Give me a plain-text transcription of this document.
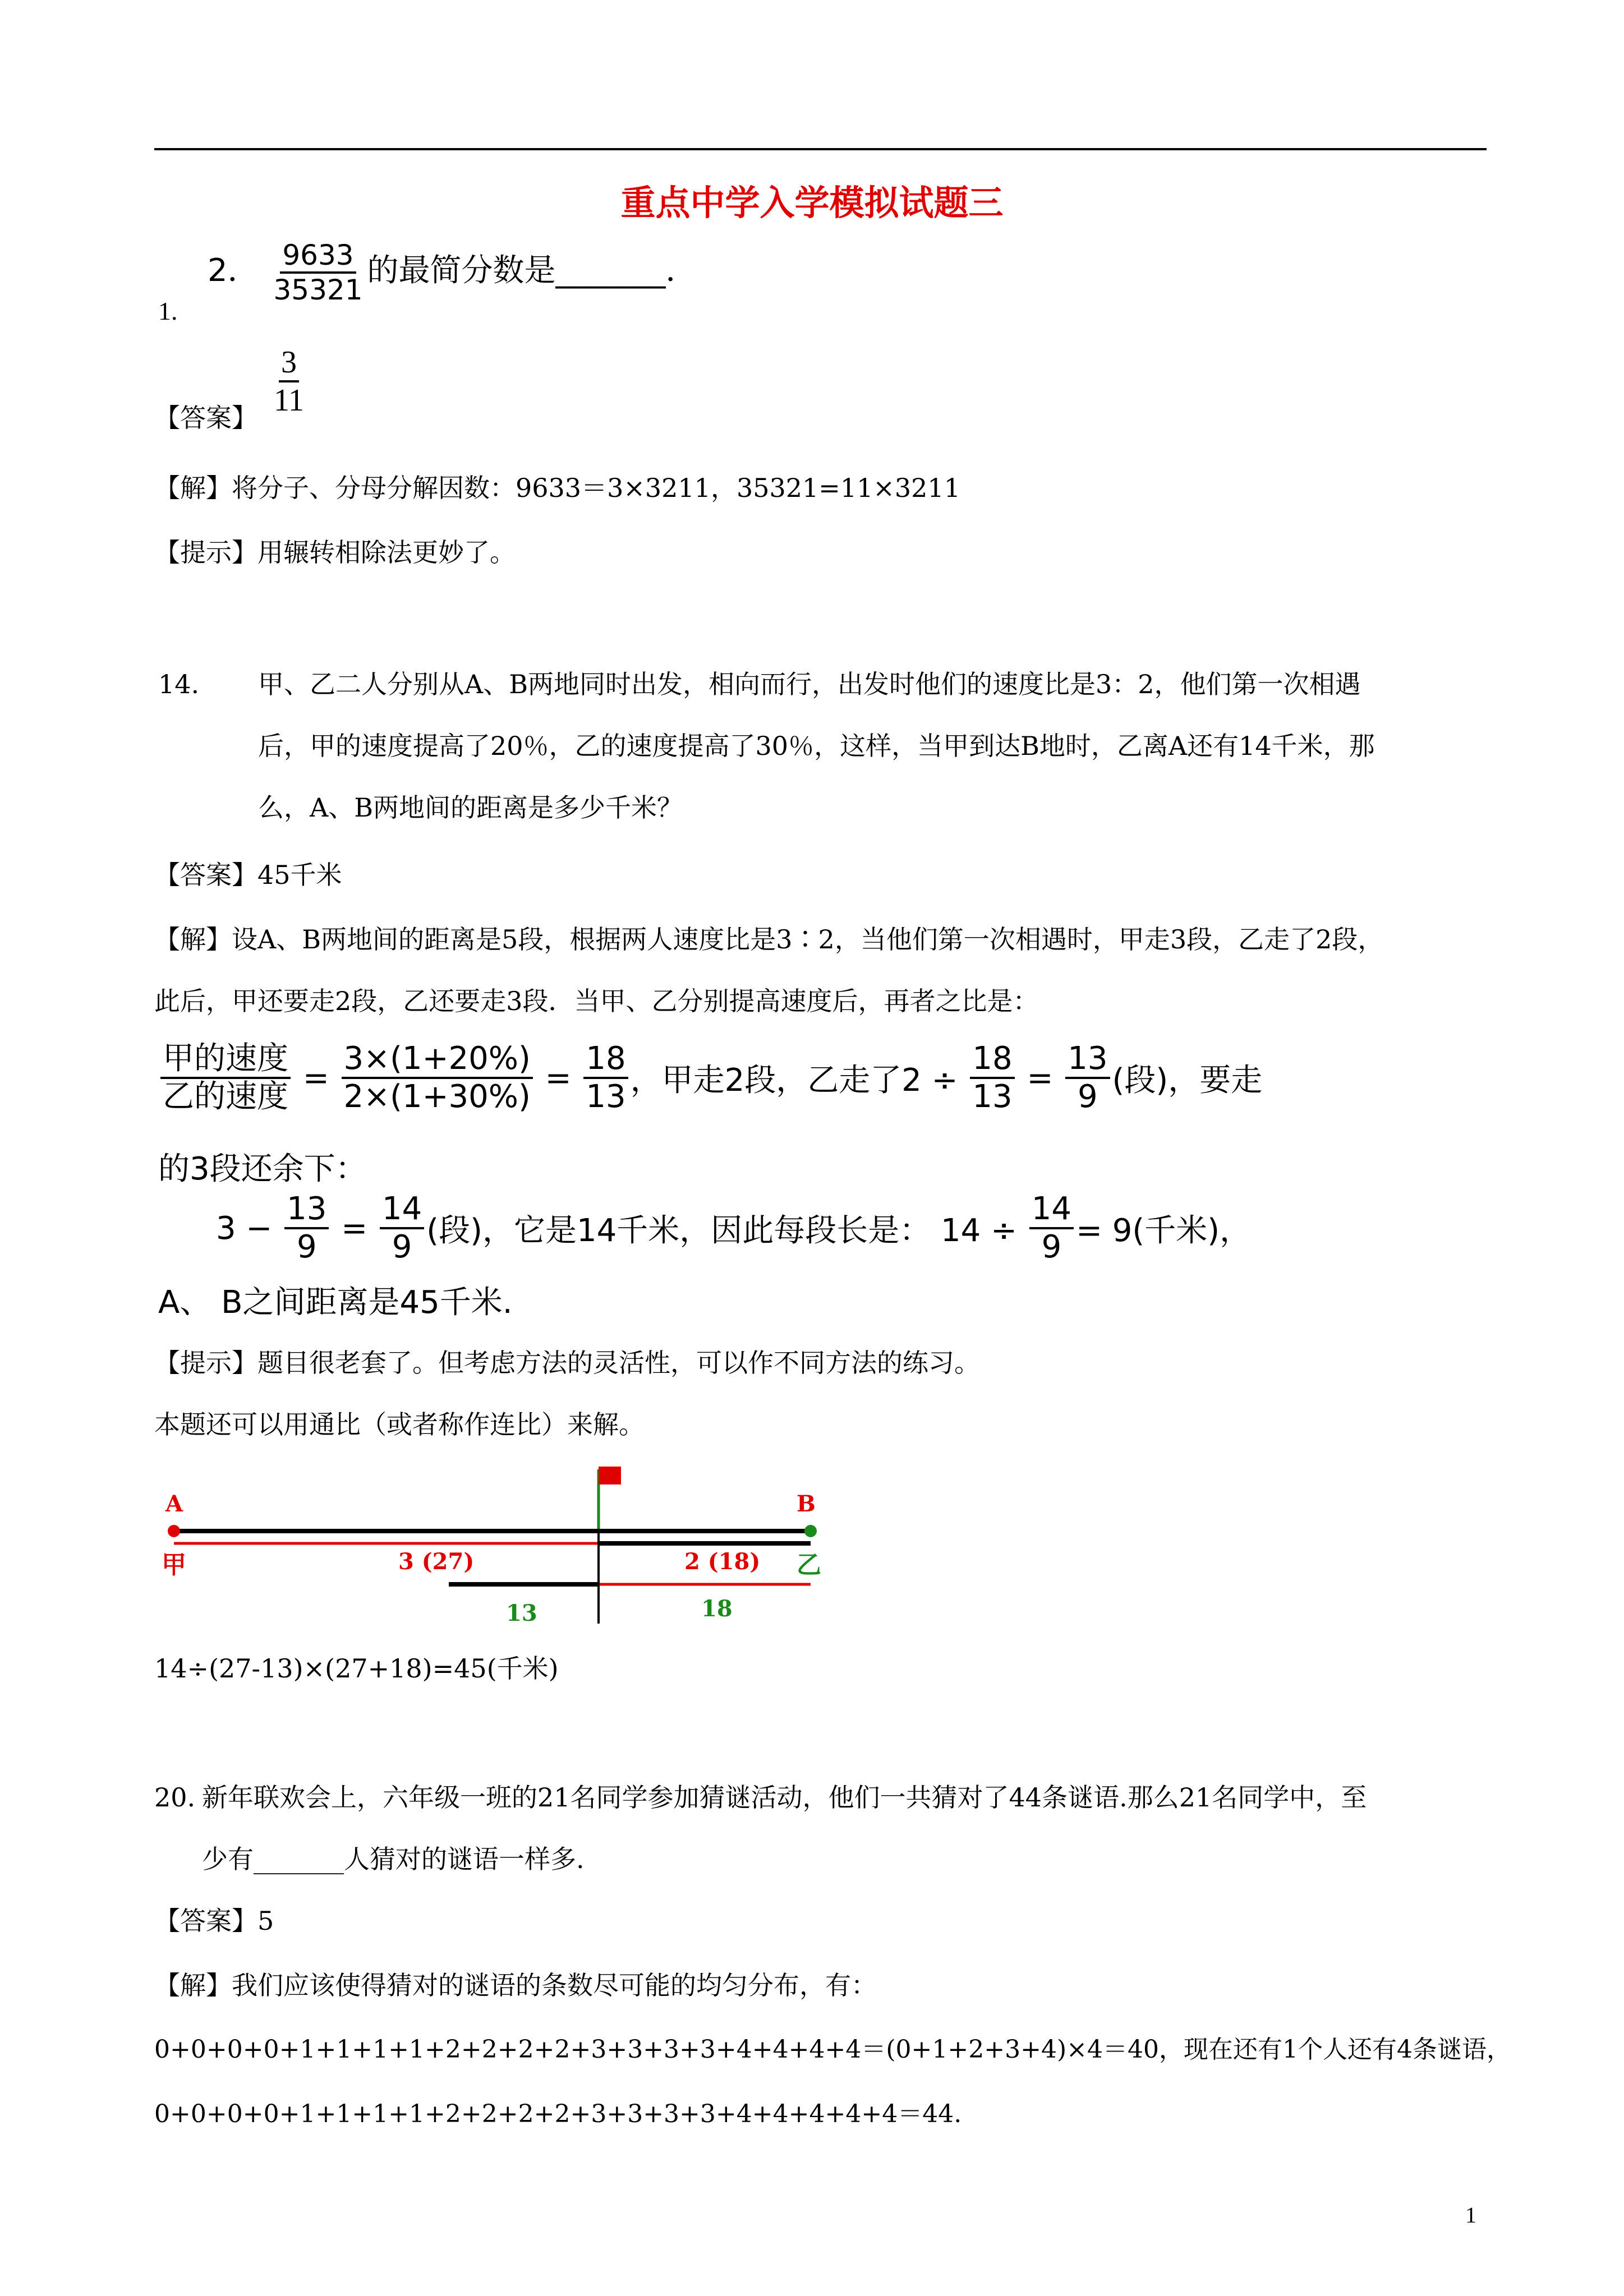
重点中学入学模拟试题三
2． $\frac{9633}{35321}$ 的最简分数是_______．
1.
【答案】
$\frac{3}{11}$
【解】将分子、分母分解因数：9633＝3×3211，35321=11×3211
【提示】用辗转相除法更妙了。
14. 甲、乙二人分别从A、B两地同时出发，相向而行，出发时他们的速度比是3：2，他们第一次相遇
后，甲的速度提高了20％，乙的速度提高了30％，这样，当甲到达B地时，乙离A还有14千米，那
么，A、B两地间的距离是多少千米？
【答案】45千米
【解】设A、B两地间的距离是5段，根据两人速度比是3∶2，当他们第一次相遇时，甲走3段，乙走了2段，
此后，甲还要走2段，乙还要走3段．当甲、乙分别提高速度后，再者之比是：
$\frac{\text{甲的速度}}{\text{乙的速度}} = \frac{3\times(1+20\%)}{2\times(1+30\%)} = \frac{18}{13}$ ，甲走2段，乙走了$2 \div \frac{18}{13} = \frac{13}{9}$ (段)，要走
的3段还余下：
$3 - \frac{13}{9} = \frac{14}{9}$ (段)，它是14千米，因此每段长是： $14 \div \frac{14}{9} = 9$(千米)，
A、 B之间距离是45千米.
【提示】题目很老套了。但考虑方法的灵活性，可以作不同方法的练习。
本题还可以用通比（或者称作连比）来解。
A	B
甲	乙
3 (27)	2 (18)
13	18
14÷(27-13)×(27+18)=45(千米)
20. 新年联欢会上，六年级一班的21名同学参加猜谜活动，他们一共猜对了44条谜语.那么21名同学中，至
少有_______人猜对的谜语一样多.
【答案】5
【解】我们应该使得猜对的谜语的条数尽可能的均匀分布，有：
0+0+0+0+1+1+1+1+2+2+2+2+3+3+3+3+4+4+4+4＝(0+1+2+3+4)×4＝40，现在还有1个人还有4条谜语，
0+0+0+0+1+1+1+1+2+2+2+2+3+3+3+3+4+4+4+4+4＝44.
1
